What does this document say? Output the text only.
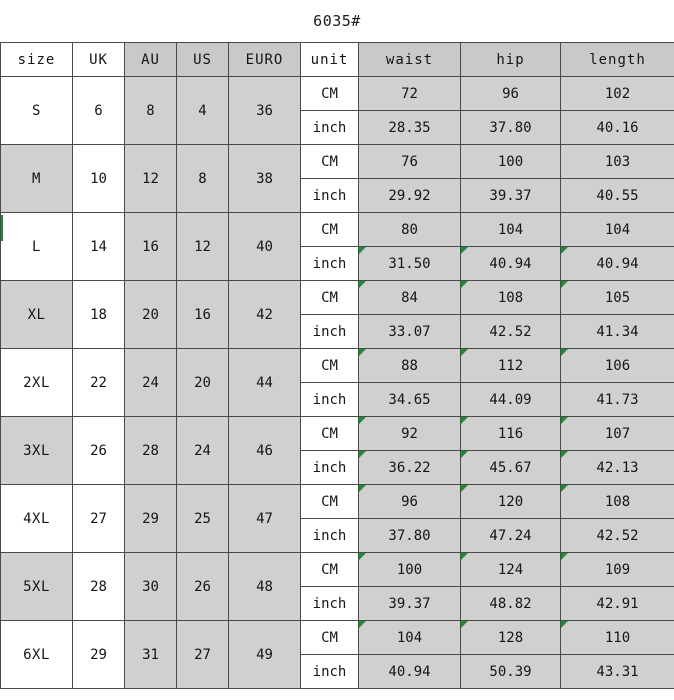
6035#
size	UK	AU	US	EURO	unit	waist	hip	length
S	6	8	4	36	CM	72	96	102
					inch	28.35	37.80	40.16
M	10	12	8	38	CM	76	100	103
					inch	29.92	39.37	40.55
L	14	16	12	40	CM	80	104	104
					inch	31.50	40.94	40.94
XL	18	20	16	42	CM	84	108	105
					inch	33.07	42.52	41.34
2XL	22	24	20	44	CM	88	112	106
					inch	34.65	44.09	41.73
3XL	26	28	24	46	CM	92	116	107
					inch	36.22	45.67	42.13
4XL	27	29	25	47	CM	96	120	108
					inch	37.80	47.24	42.52
5XL	28	30	26	48	CM	100	124	109
					inch	39.37	48.82	42.91
6XL	29	31	27	49	CM	104	128	110
					inch	40.94	50.39	43.31
